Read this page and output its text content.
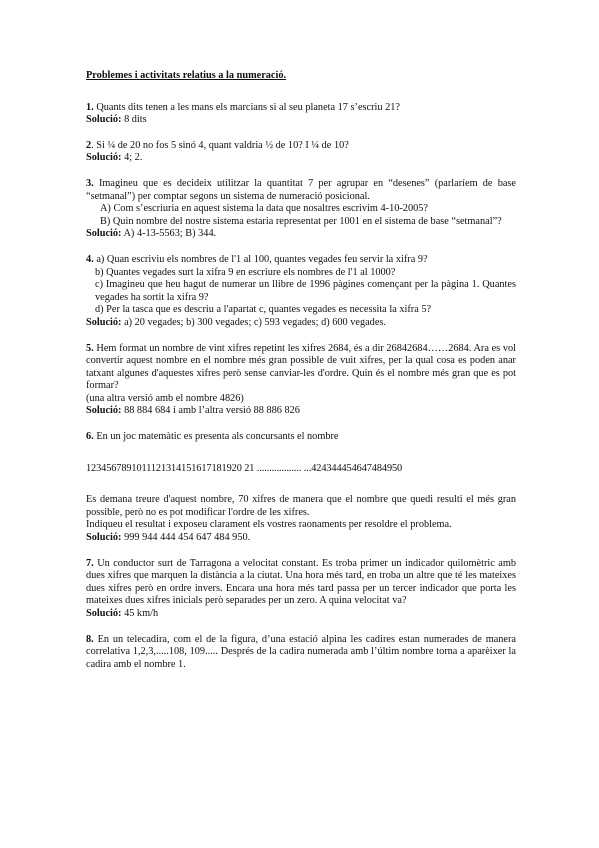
Problemes i activitats relatius a la numeració.

1. Quants dits tenen a les mans els marcians si al seu planeta 17 s’escriu 21?

Solució: 8 dits

2. Si ¼ de 20 no fos 5 sinó 4, quant valdria ½ de 10? I ¼ de 10?

Solució: 4; 2.

3. Imagineu que es decideix utilitzar la quantitat 7 per agrupar en “desenes” (parlaríem de base “setmanal”) per comptar segons un sistema de numeració posicional.

A) Com s’escriuria en aquest sistema la data que nosaltres escrivim 4-10-2005?

B) Quin nombre del nostre sistema estaria representat per 1001 en el sistema de base “setmanal”?

Solució: A) 4-13-5563; B) 344.

4. a) Quan escriviu els nombres de l'1 al 100, quantes vegades feu servir la xifra 9?

b) Quantes vegades surt la xifra 9 en escriure els nombres de l'1 al 1000?

c) Imagineu que heu hagut de numerar un llibre de 1996 pàgines començant per la pàgina 1. Quantes vegades ha sortit la xifra 9?

d) Per la tasca que es descriu a l'apartat c, quantes vegades es necessita la xifra 5?

Solució: a) 20 vegades; b) 300 vegades; c) 593 vegades; d) 600 vegades.

5. Hem format un nombre de vint xifres repetint les xifres 2684, és a dir 26842684……2684. Ara es vol convertir aquest nombre en el nombre més gran possible de vuit xifres, per la qual cosa es poden anar tatxant algunes d'aquestes xifres però sense canviar-les d'ordre. Quin és el nombre més gran que es pot formar?

(una altra versió amb el nombre 4826)

Solució: 88 884 684 i amb l’altra versió 88 886 826

6. En un joc matemàtic es presenta als concursants el nombre

1234567891011121314151617181920 21 .................. ...424344454647484950

Es demana treure d'aquest nombre, 70 xifres de manera que el nombre que quedi resulti el més gran possible, però no es pot modificar l'ordre de les xifres.

Indiqueu el resultat i exposeu clarament els vostres raonaments per resoldre el problema.

Solució: 999 944 444 454 647 484 950.

7. Un conductor surt de Tarragona a velocitat constant. Es troba primer un indicador quilomètric amb dues xifres que marquen la distància a la ciutat. Una hora més tard, en troba un altre que té les mateixes dues xifres però en ordre invers. Encara una hora més tard passa per un tercer indicador que porta les mateixes dues xifres inicials però separades per un zero. A quina velocitat va?

Solució: 45 km/h

8. En un telecadira, com el de la figura, d’una estació alpina les cadires estan numerades de manera correlativa 1,2,3,.....108, 109..... Després de la cadira numerada amb l’últim nombre torna a aparèixer la cadira amb el nombre 1.
